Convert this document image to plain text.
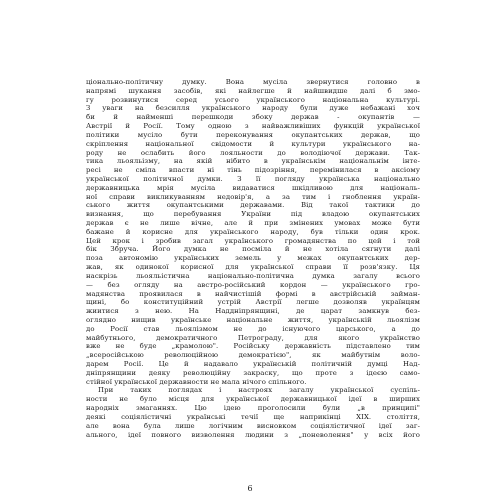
ціонально-політичну думку. Вона мусіла звернутися головно в
напрямі шукання засобів, які найлегше й найшвидше далі б змо-
гу розвинутися серед усього українського національна культурі.
З уваги на безсилля українського народу були дуже небажані хоч
би й найменші перешкоди збоку держав - окупантів —
Австрії й Росії. Тому одною з найважливіших функцій української
політики мусіло бути переконування окупантських держав, що
скріплення національної свідомости й культури українського на-
роду не ослабить його лояльности до володіючої держави. Так-
тика льояльізму, на якій нібито в українськім національнім інте-
ресі не сміла впасти ні тінь підозріння, перемінилася в аксіому
української політичної думки. З її погляду українська національно
державницька мрія мусіла видаватися шкідливою для національ-
ної справи викликуванням недовір'я, а за тим і гноблення україн-
ського життя окупантськими державами. Від такої тактики до
визнання, що перебування України під владою окупантських
держав є не лише вічне, але й при змінених умовах може бути
бажане й корисне для українського народу, був тільки один крок.
Цей крок і зробив загал українського громадянства по цей і той
бік Збруча. Його думка не посміла й не хотіла сягнути далі
поза автономію українських земель у межах окупантських дер-
жав, як одинокої корисної для української справи її розв'язку. Ця
наскрізь льояльістична національно-політична думка загалу всього
— без огляду на австро-російський кордон — українського гро-
мадянства проявилася в найчистішій формі в австрійській займан-
щині, бо конституційний устрій Австрії легше дозволяв українцям
жиитися з нею. На Наддніпрянщині, де царат замкнув без-
оглядно нищив українське національне життя, українській льоялізм
до Росії став льоялізмом не до існуючого царського, а до
майбутнього, демократичного Петрограду, для якого українство
вже не буде „крамолою". Російську державність підставлено тим
„всеросійською революційною демократією", як майбутнім воло-
дарем Росії. Це й надавало українській політичній думці Над-
дніпрянщини деяку революційну закраску, що проте з ідеєю само-
стійної української державности не мала нічого спільного.
При таких поглядах і настроях загалу української суспіль-
ности не було місця для української державницької ідеї в ширших
народніх змаганнях. Цю ідею проголосили були „в принципі"
деякі соціялістичні українські течії ще наприкінці XIX. століття,
але вона була лише логічним висновком соціялістичної ідеї заг-
ального, ідеї повного визволення людини з „поневолення" у всіх його
6
